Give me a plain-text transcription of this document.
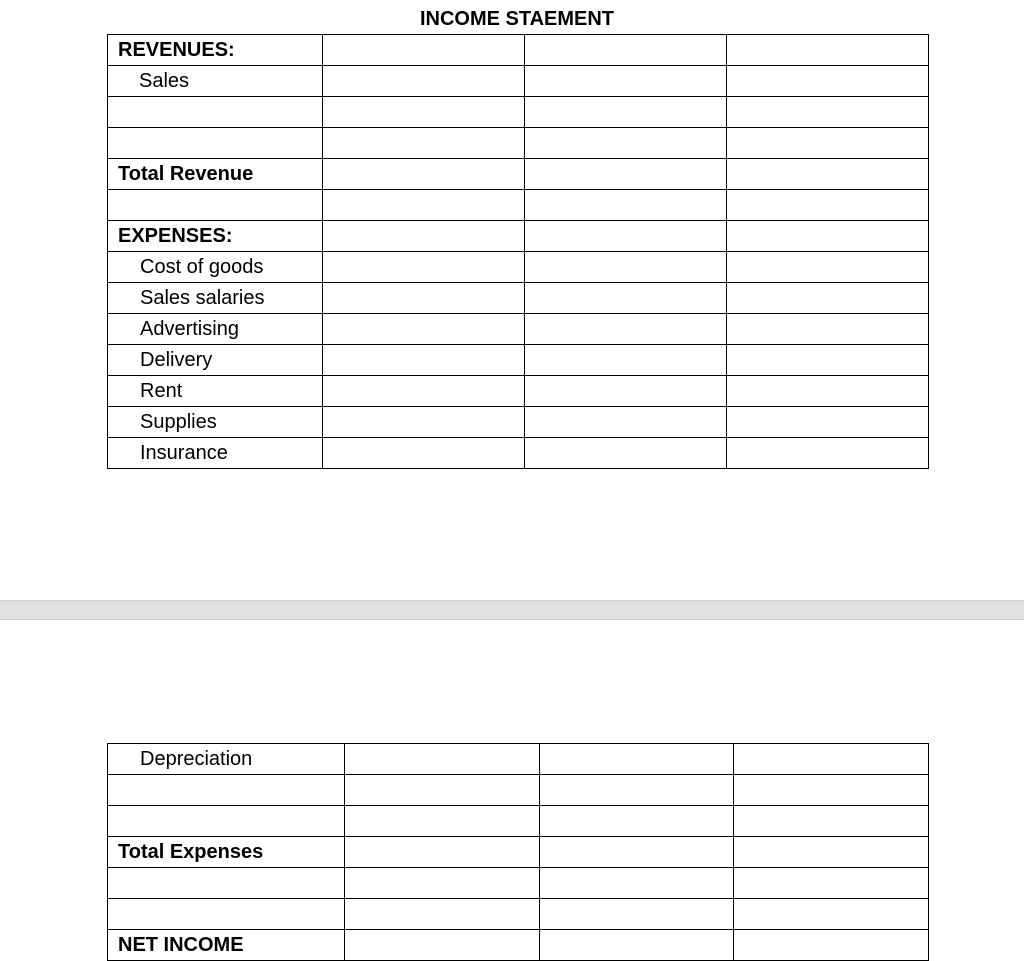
INCOME STAEMENT
REVENUES:			
Sales			

Total Revenue			

EXPENSES:			
Cost of goods			
Sales salaries			
Advertising			
Delivery			
Rent			
Supplies			
Insurance			
Depreciation			

Total Expenses			

NET INCOME			
